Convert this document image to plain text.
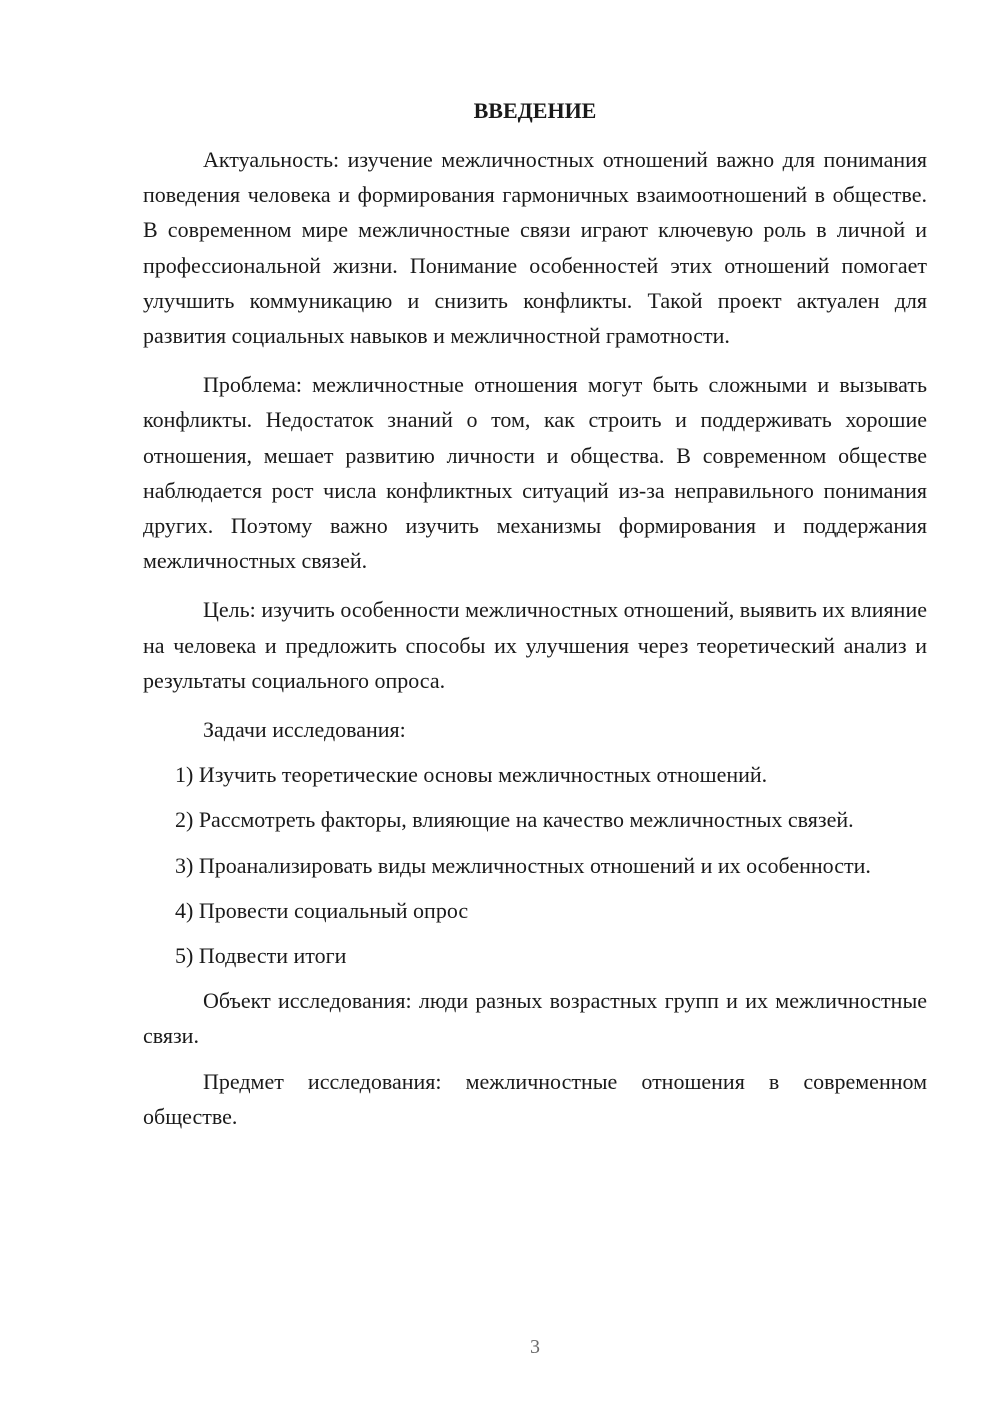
ВВЕДЕНИЕ

Актуальность: изучение межличностных отношений важно для понимания поведения человека и формирования гармоничных взаимоотношений в обществе. В современном мире межличностные связи играют ключевую роль в личной и профессиональной жизни. Понимание особенностей этих отношений помогает улучшить коммуникацию и снизить конфликты. Такой проект актуален для развития социальных навыков и межличностной грамотности.

Проблема: межличностные отношения могут быть сложными и вызывать конфликты. Недостаток знаний о том, как строить и поддерживать хорошие отношения, мешает развитию личности и общества. В современном обществе наблюдается рост числа конфликтных ситуаций из-за неправильного понимания других. Поэтому важно изучить механизмы формирования и поддержания межличностных связей.

Цель: изучить особенности межличностных отношений, выявить их влияние на человека и предложить способы их улучшения через теоретический анализ и результаты социального опроса.

Задачи исследования:

1) Изучить теоретические основы межличностных отношений.

2) Рассмотреть факторы, влияющие на качество межличностных связей.

3) Проанализировать виды межличностных отношений и их особенности.

4) Провести социальный опрос

5) Подвести итоги

Объект исследования: люди разных возрастных групп и их межличностные связи.

Предмет исследования: межличностные отношения в современном обществе.

3
